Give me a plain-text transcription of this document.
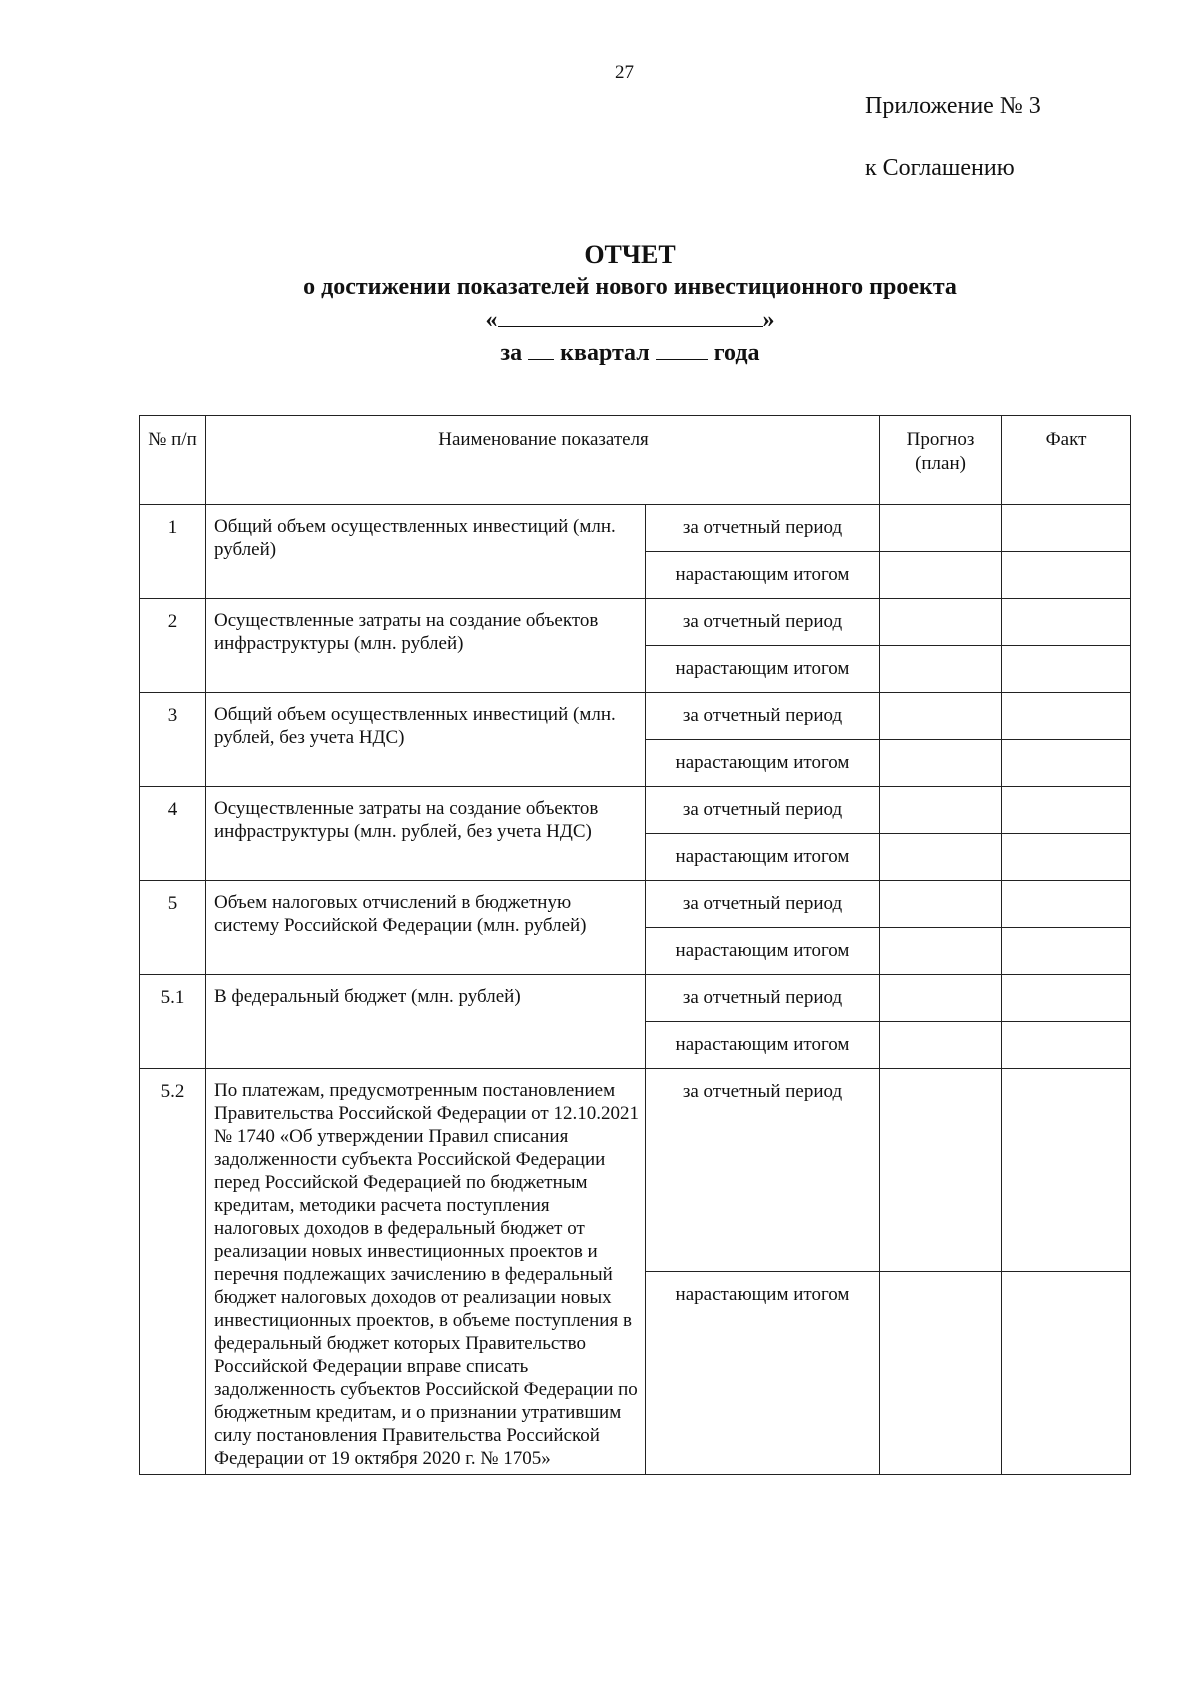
27
Приложение № 3
к Соглашению
ОТЧЕТ
о достижении показателей нового инвестиционного проекта
«	»
за квартал	года
№ п/п	Наименование показателя		Прогноз (план)	Факт
1	Общий объем осуществленных инвестиций (млн. рублей)	за отчетный период		
		нарастающим итогом		
2	Осуществленные затраты на создание объектов инфраструктуры (млн. рублей)	за отчетный период		
		нарастающим итогом		
3	Общий объем осуществленных инвестиций (млн. рублей, без учета НДС)	за отчетный период		
		нарастающим итогом		
4	Осуществленные затраты на создание объектов инфраструктуры (млн. рублей, без учета НДС)	за отчетный период		
		нарастающим итогом		
5	Объем налоговых отчислений в бюджетную систему Российской Федерации (млн. рублей)	за отчетный период		
		нарастающим итогом		
5.1	В федеральный бюджет (млн. рублей)	за отчетный период		
		нарастающим итогом		
5.2	По платежам, предусмотренным постановлением Правительства Российской Федерации от 12.10.2021 № 1740 «Об утверждении Правил списания задолженности субъекта Российской Федерации перед Российской Федерацией по бюджетным кредитам, методики расчета поступления налоговых доходов в федеральный бюджет от реализации новых инвестиционных проектов и перечня подлежащих зачислению в федеральный бюджет налоговых доходов от реализации новых инвестиционных проектов, в объеме поступления в федеральный бюджет которых Правительство Российской Федерации вправе списать задолженность субъектов Российской Федерации по бюджетным кредитам, и о признании утратившим силу постановления Правительства Российской Федерации от 19 октября 2020 г. № 1705»	за отчетный период		
		нарастающим итогом		
